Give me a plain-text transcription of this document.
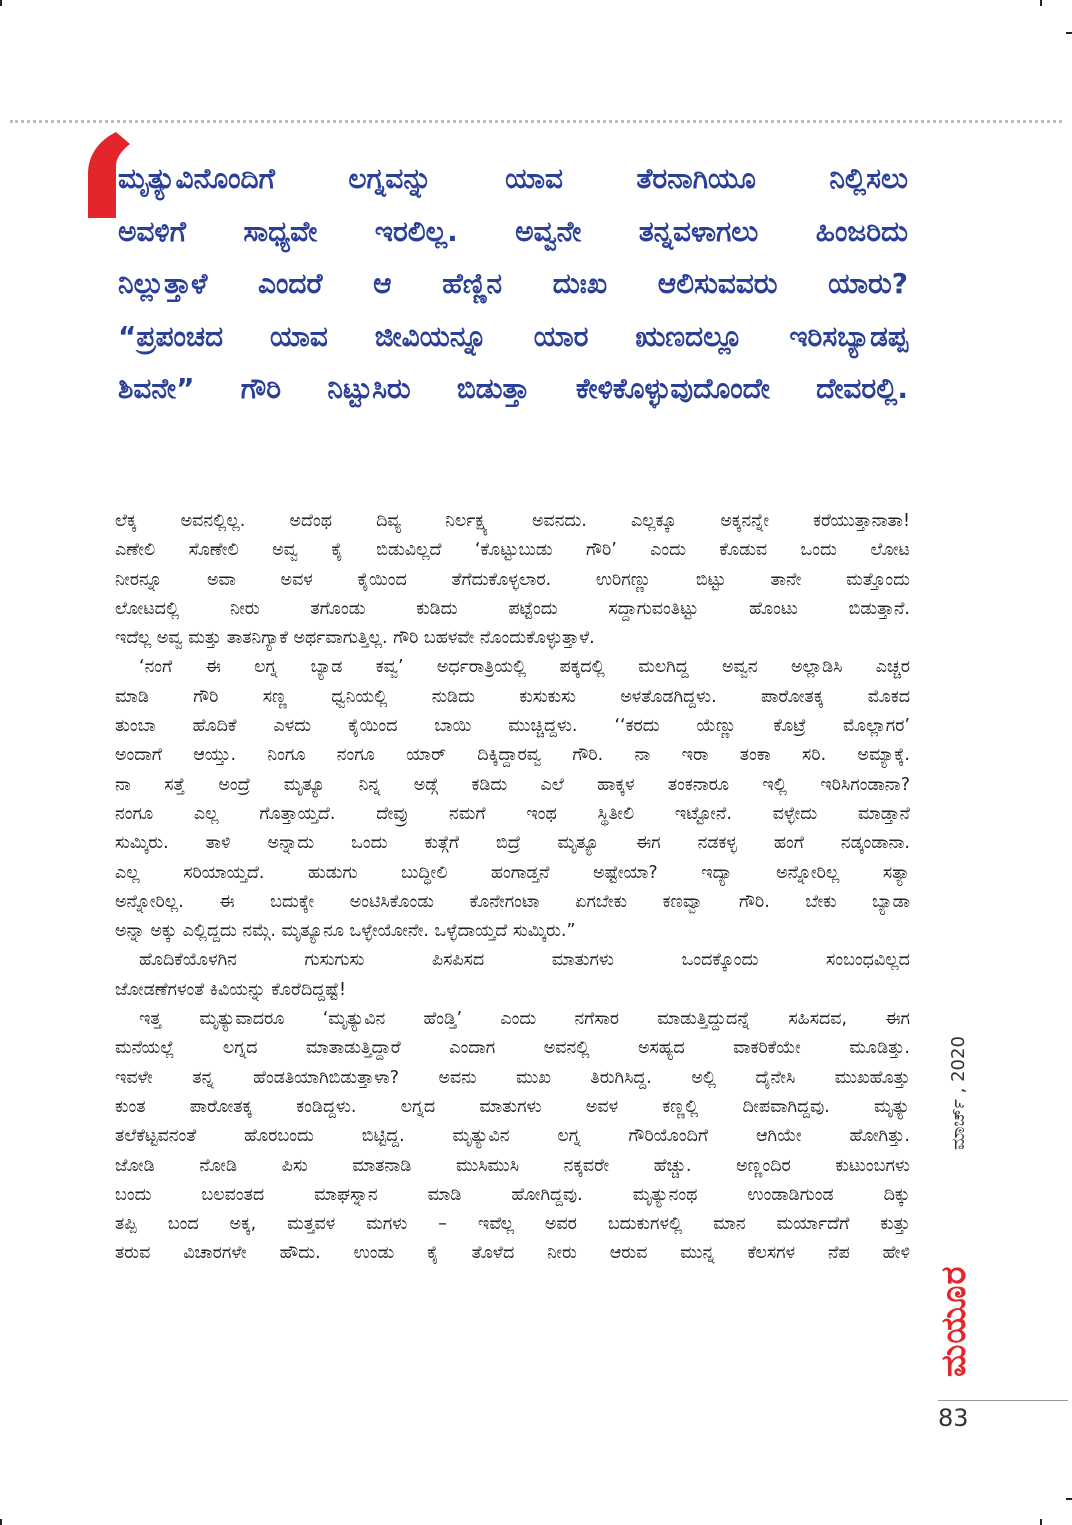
ಮೃತ್ಯುವಿನೊಂದಿಗೆ ಲಗ್ನವನ್ನು ಯಾವ ತೆರನಾಗಿಯೂ ನಿಲ್ಲಿಸಲು
ಅವಳಿಗೆ ಸಾಧ್ಯವೇ ಇರಲಿಲ್ಲ. ಅವ್ವನೇ ತನ್ನವಳಾಗಲು ಹಿಂಜರಿದು
ನಿಲ್ಲುತ್ತಾಳೆ ಎಂದರೆ ಆ ಹೆಣ್ಣಿನ ದುಃಖ ಆಲಿಸುವವರು ಯಾರು?
“ಪ್ರಪಂಚದ ಯಾವ ಜೀವಿಯನ್ನೂ ಯಾರ ಋಣದಲ್ಲೂ ಇರಿಸಬ್ಯಾಡಪ್ಪ
ಶಿವನೇ” ಗೌರಿ ನಿಟ್ಟುಸಿರು ಬಿಡುತ್ತಾ ಕೇಳಿಕೊಳ್ಳುವುದೊಂದೇ ದೇವರಲ್ಲಿ.
ಲೆಕ್ಕ ಅವನಲ್ಲಿಲ್ಲ. ಅದೆಂಥ ದಿವ್ಯ ನಿರ್ಲಕ್ಷ್ಯ ಅವನದು. ಎಲ್ಲಕ್ಕೂ ಅಕ್ಕನನ್ನೇ ಕರೆಯುತ್ತಾನಾತಾ!
ಎಣೇಲಿ ಸೊಣೇಲಿ ಅವ್ವ ಕೈ ಬಿಡುವಿಲ್ಲದೆ ‘ಕೊಟ್ಟುಬುಡು ಗೌರಿ’ ಎಂದು ಕೊಡುವ ಒಂದು ಲೋಟ
ನೀರನ್ನೂ ಅವಾ ಅವಳ ಕೈಯಿಂದ ತೆಗೆದುಕೊಳ್ಳಲಾರ. ಉರಿಗಣ್ಣು ಬಿಟ್ಟು ತಾನೇ ಮತ್ತೊಂದು
ಲೋಟದಲ್ಲಿ ನೀರು ತಗೊಂಡು ಕುಡಿದು ಪಟ್ಟೆಂದು ಸದ್ದಾಗುವಂತಿಟ್ಟು ಹೊಂಟು ಬಿಡುತ್ತಾನೆ.
ಇದೆಲ್ಲ ಅವ್ವ ಮತ್ತು ತಾತನಿಗ್ಯಾಕೆ ಅರ್ಥವಾಗುತ್ತಿಲ್ಲ. ಗೌರಿ ಬಹಳವೇ ನೊಂದುಕೊಳ್ಳುತ್ತಾಳೆ.
‘ನಂಗೆ ಈ ಲಗ್ನ ಬ್ಯಾಡ ಕವ್ವ’ ಅರ್ಧರಾತ್ರಿಯಲ್ಲಿ ಪಕ್ಕದಲ್ಲಿ ಮಲಗಿದ್ದ ಅವ್ವನ ಅಲ್ಲಾಡಿಸಿ ಎಚ್ಚರ
ಮಾಡಿ ಗೌರಿ ಸಣ್ಣ ಧ್ವನಿಯಲ್ಲಿ ನುಡಿದು ಕುಸುಕುಸು ಅಳತೊಡಗಿದ್ದಳು. ಪಾರೋತಕ್ಕ ಮೊಕದ
ತುಂಬಾ ಹೊದಿಕೆ ಎಳದು ಕೈಯಿಂದ ಬಾಯಿ ಮುಚ್ಚಿದ್ದಳು. ‘‘ಕರದು ಯೆಣ್ಣು ಕೊಟ್ರೆ ಮೊಲ್ಲಾಗರ’
ಅಂದಾಗೆ ಆಯ್ತು. ನಿಂಗೂ ನಂಗೂ ಯಾರ್ ದಿಕ್ಕಿದ್ದಾರವ್ವ ಗೌರಿ. ನಾ ಇರಾ ತಂಕಾ ಸರಿ. ಅಮ್ಯಾಕ್ಕೆ.
ನಾ ಸತ್ತೆ ಅಂದ್ರೆ ಮೃತ್ಯೂ ನಿನ್ನ ಅಡ್ಗೆ ಕಡಿದು ಎಲೆ ಹಾಕ್ಕಳ ತಂಕನಾರೂ ಇಲ್ಲಿ ಇರಿಸಿಗಂಡಾನಾ?
ನಂಗೂ ಎಲ್ಲ ಗೊತ್ತಾಯ್ತದೆ. ದೇವ್ರು ನಮಗೆ ಇಂಥ ಸ್ಥಿತೀಲಿ ಇಟ್ಟೋನೆ. ವಳ್ಳೇದು ಮಾಡ್ತಾನೆ
ಸುಮ್ಕಿರು. ತಾಳಿ ಅನ್ನಾದು ಒಂದು ಕುತ್ಗೆಗೆ ಬಿದ್ರೆ ಮೃತ್ಯೂ ಈಗ ನಡಕಳ್ಳ ಹಂಗೆ ನಡ್ಕಂಡಾನಾ.
ಎಲ್ಲ ಸರಿಯಾಯ್ತದೆ. ಹುಡುಗು ಬುದ್ಧೀಲಿ ಹಂಗಾಡ್ತನೆ ಅಷ್ಟೇಯಾ? ಇದ್ಯಾ ಅನ್ನೋರಿಲ್ಲ ಸತ್ಯಾ
ಅನ್ನೋರಿಲ್ಲ. ಈ ಬದುಕ್ಕೇ ಅಂಟಿಸಿಕೊಂಡು ಕೊನೇಗಂಟಾ ಏಗಬೇಕು ಕಣವ್ವಾ ಗೌರಿ. ಬೇಕು ಬ್ಯಾಡಾ
ಅನ್ನಾ ಅಕ್ಕು ಎಲ್ಲಿದ್ದದು ನಮ್ಗೆ. ಮೃತ್ಯೂನೂ ಒಳ್ಳೇಯೋನೇ. ಒಳ್ಳೆದಾಯ್ತದೆ ಸುಮ್ಕಿರು.”
ಹೊದಿಕೆಯೊಳಗಿನ ಗುಸುಗುಸು ಪಿಸಪಿಸದ ಮಾತುಗಳು ಒಂದಕ್ಕೊಂದು ಸಂಬಂಧವಿಲ್ಲದ
ಜೋಡಣೆಗಳಂತೆ ಕಿವಿಯನ್ನು ಕೊರೆದಿದ್ದಷ್ಟೆ!
ಇತ್ತ ಮೃತ್ಯುವಾದರೂ ‘ಮೃತ್ಯುವಿನ ಹೆಂಡ್ತಿ’ ಎಂದು ನಗೆಸಾರ ಮಾಡುತ್ತಿದ್ದುದನ್ನೆ ಸಹಿಸದವ, ಈಗ
ಮನೆಯಲ್ಲೆ ಲಗ್ನದ ಮಾತಾಡುತ್ತಿದ್ದಾರೆ ಎಂದಾಗ ಅವನಲ್ಲಿ ಅಸಹ್ಯದ ವಾಕರಿಕೆಯೇ ಮೂಡಿತ್ತು.
ಇವಳೇ ತನ್ನ ಹೆಂಡತಿಯಾಗಿಬಿಡುತ್ತಾಳಾ? ಅವನು ಮುಖ ತಿರುಗಿಸಿದ್ದ. ಅಲ್ಲಿ ದೈನೇಸಿ ಮುಖಹೊತ್ತು
ಕುಂತ ಪಾರೋತಕ್ಕ ಕಂಡಿದ್ದಳು. ಲಗ್ನದ ಮಾತುಗಳು ಅವಳ ಕಣ್ಣಲ್ಲಿ ದೀಪವಾಗಿದ್ದವು. ಮೃತ್ಯು
ತಲೆಕೆಟ್ಟವನಂತೆ ಹೊರಬಂದು ಬಿಟ್ಟಿದ್ದ. ಮೃತ್ಯುವಿನ ಲಗ್ನ ಗೌರಿಯೊಂದಿಗೆ ಆಗಿಯೇ ಹೋಗಿತ್ತು.
ಜೋಡಿ ನೋಡಿ ಪಿಸು ಮಾತನಾಡಿ ಮುಸಿಮುಸಿ ನಕ್ಕವರೇ ಹೆಚ್ಚು. ಅಣ್ಣಂದಿರ ಕುಟುಂಬಗಳು
ಬಂದು ಬಲವಂತದ ಮಾಘಸ್ನಾನ ಮಾಡಿ ಹೋಗಿದ್ದವು. ಮೃತ್ಯುನಂಥ ಉಂಡಾಡಿಗುಂಡ ದಿಕ್ಕು
ತಪ್ಪಿ ಬಂದ ಅಕ್ಕ, ಮತ್ತವಳ ಮಗಳು – ಇವೆಲ್ಲ ಅವರ ಬದುಕುಗಳಲ್ಲಿ ಮಾನ ಮರ್ಯಾದೆಗೆ ಕುತ್ತು
ತರುವ ವಿಚಾರಗಳೇ ಹೌದು. ಉಂಡು ಕೈ ತೊಳೆದ ನೀರು ಆರುವ ಮುನ್ನ ಕೆಲಸಗಳ ನೆಪ ಹೇಳಿ
ಮಾರ್ಚ್ , 2020
ಮಯೂರ
83
